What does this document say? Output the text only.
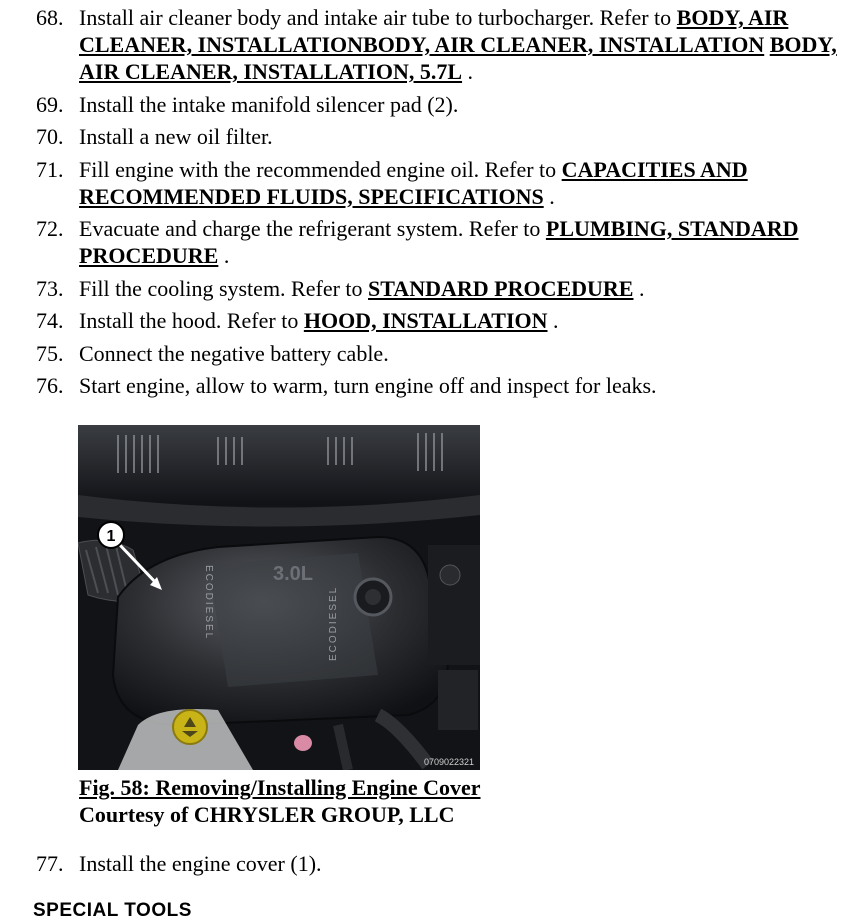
68. Install air cleaner body and intake air tube to turbocharger. Refer to BODY, AIR CLEANER, INSTALLATIONBODY, AIR CLEANER, INSTALLATION BODY, AIR CLEANER, INSTALLATION, 5.7L .
69. Install the intake manifold silencer pad (2).
70. Install a new oil filter.
71. Fill engine with the recommended engine oil. Refer to CAPACITIES AND RECOMMENDED FLUIDS, SPECIFICATIONS .
72. Evacuate and charge the refrigerant system. Refer to PLUMBING, STANDARD PROCEDURE .
73. Fill the cooling system. Refer to STANDARD PROCEDURE .
74. Install the hood. Refer to HOOD, INSTALLATION .
75. Connect the negative battery cable.
76. Start engine, allow to warm, turn engine off and inspect for leaks.
3.0L
ECODIESEL	ECODIESEL
1
0709022321
Fig. 58: Removing/Installing Engine Cover
Courtesy of CHRYSLER GROUP, LLC
77. Install the engine cover (1).
SPECIAL TOOLS
